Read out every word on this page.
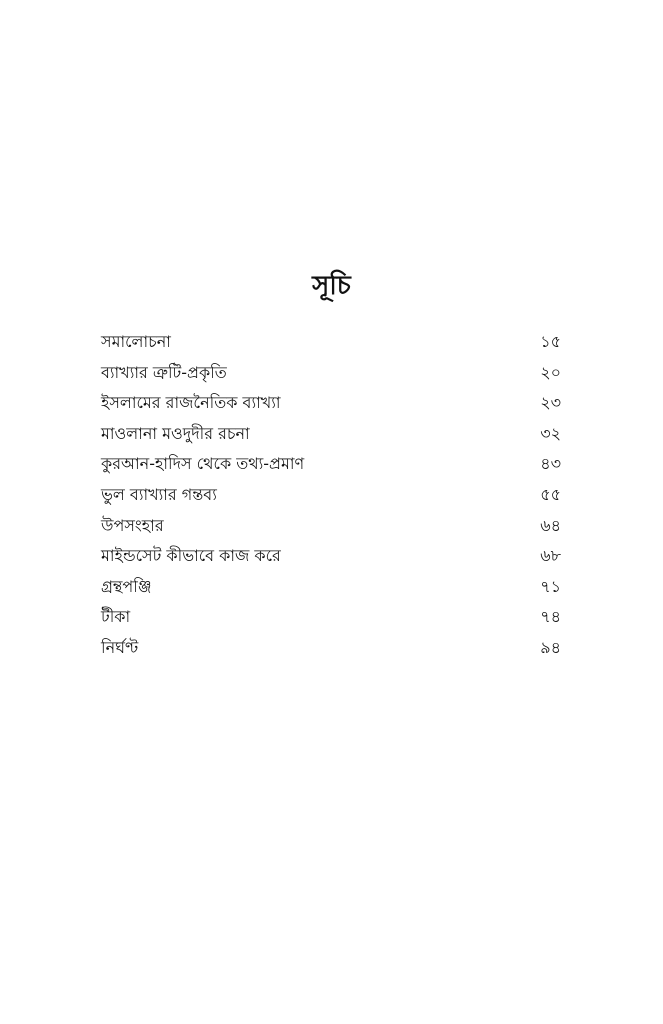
সূচি
সমালোচনা	১৫
ব্যাখ্যার ত্রুটি-প্রকৃতি	২০
ইসলামের রাজনৈতিক ব্যাখ্যা	২৩
মাওলানা মওদুদীর রচনা	৩২
কুরআন-হাদিস থেকে তথ্য-প্রমাণ	৪৩
ভুল ব্যাখ্যার গন্তব্য	৫৫
উপসংহার	৬৪
মাইন্ডসেট কীভাবে কাজ করে	৬৮
গ্রন্থপঞ্জি	৭১
টীকা	৭৪
নির্ঘণ্ট	৯৪
